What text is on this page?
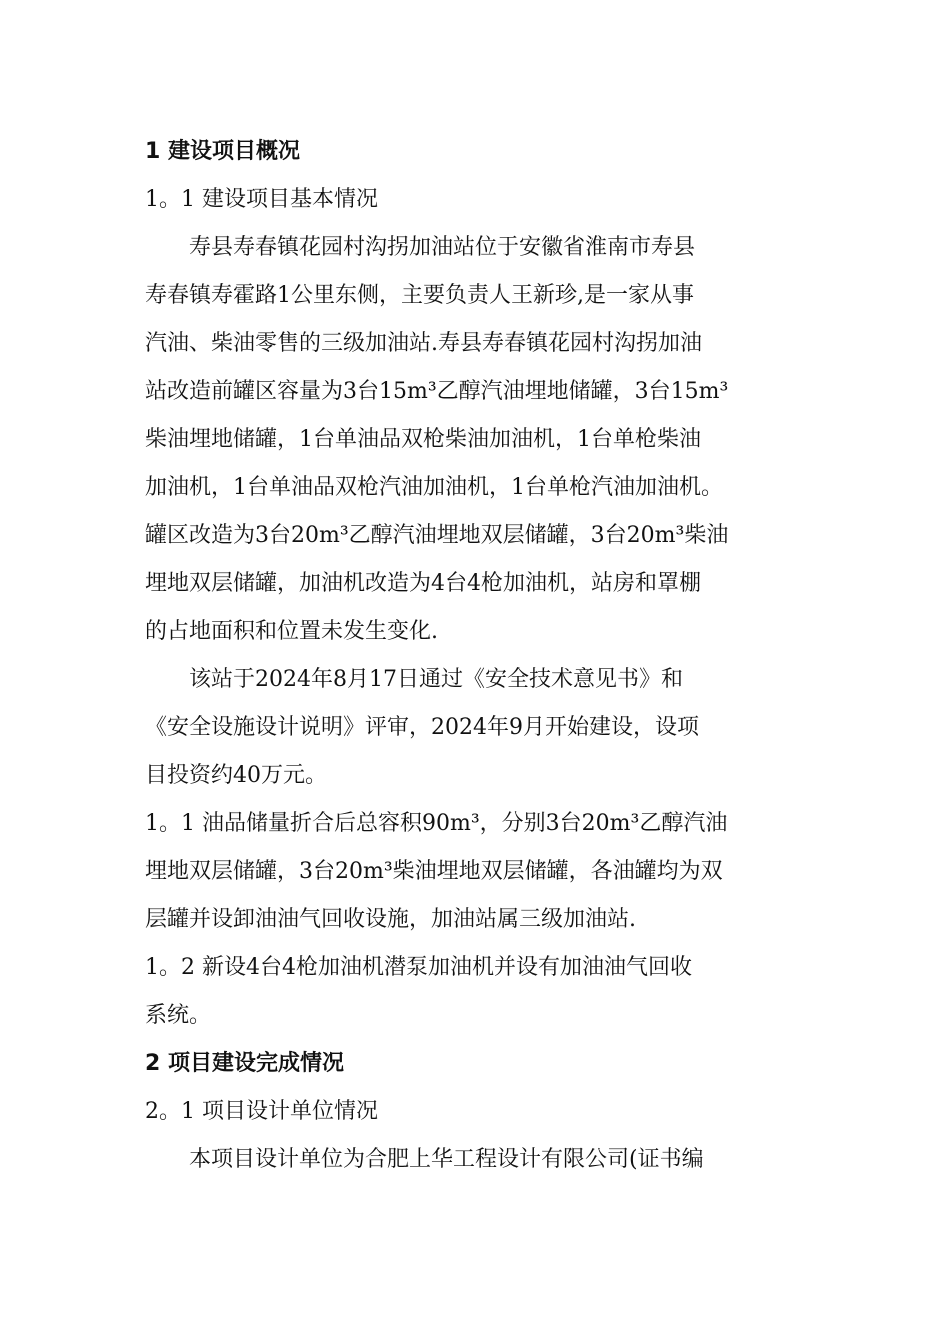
1 建设项目概况
1。1 建设项目基本情况
寿县寿春镇花园村沟拐加油站位于安徽省淮南市寿县
寿春镇寿霍路1公里东侧，主要负责人王新珍,是一家从事
汽油、柴油零售的三级加油站.寿县寿春镇花园村沟拐加油
站改造前罐区容量为3台15m³乙醇汽油埋地储罐，3台15m³
柴油埋地储罐，1台单油品双枪柴油加油机，1台单枪柴油
加油机，1台单油品双枪汽油加油机，1台单枪汽油加油机。
罐区改造为3台20m³乙醇汽油埋地双层储罐，3台20m³柴油
埋地双层储罐，加油机改造为4台4枪加油机，站房和罩棚
的占地面积和位置未发生变化.
该站于2024年8月17日通过《安全技术意见书》和
《安全设施设计说明》评审，2024年9月开始建设，设项
目投资约40万元。
1。1 油品储量折合后总容积90m³，分别3台20m³乙醇汽油
埋地双层储罐，3台20m³柴油埋地双层储罐，各油罐均为双
层罐并设卸油油气回收设施，加油站属三级加油站.
1。2 新设4台4枪加油机潜泵加油机并设有加油油气回收
系统。
2 项目建设完成情况
2。1 项目设计单位情况
本项目设计单位为合肥上华工程设计有限公司(证书编
